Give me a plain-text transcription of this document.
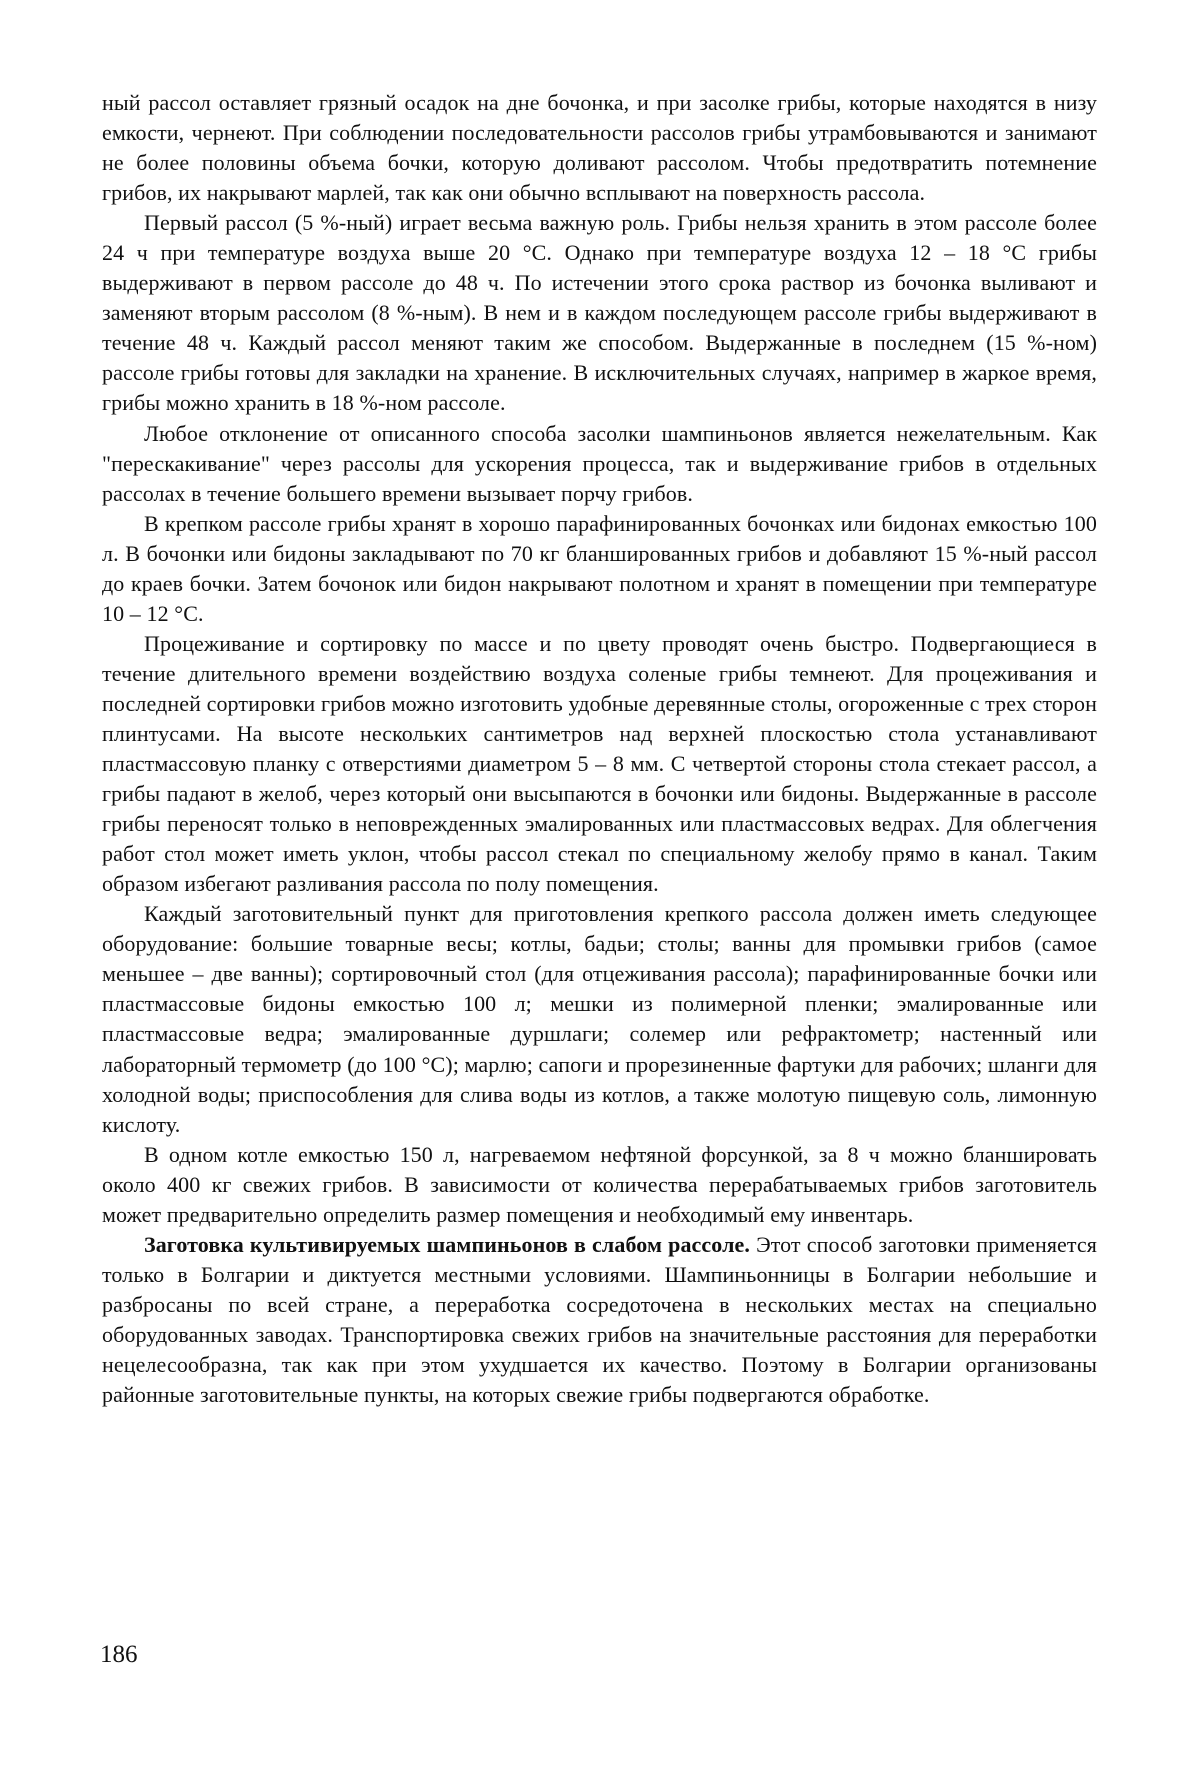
ный рассол оставляет грязный осадок на дне бочонка, и при засолке грибы, которые находятся в низу емкости, чернеют. При соблюдении последовательности рассолов грибы утрамбовываются и занимают не более половины объема бочки, которую доливают рассолом. Чтобы предотвратить потемнение грибов, их накрывают марлей, так как они обычно всплывают на поверхность рассола.

Первый рассол (5 %-ный) играет весьма важную роль. Грибы нельзя хранить в этом рассоле более 24 ч при температуре воздуха выше 20 °С. Однако при температуре воздуха 12 – 18 °С грибы выдерживают в первом рассоле до 48 ч. По истечении этого срока раствор из бочонка выливают и заменяют вторым рассолом (8 %-ным). В нем и в каждом последующем рассоле грибы выдерживают в течение 48 ч. Каждый рассол меняют таким же способом. Выдержанные в последнем (15 %-ном) рассоле грибы готовы для закладки на хранение. В исключительных случаях, например в жаркое время, грибы можно хранить в 18 %-ном рассоле.

Любое отклонение от описанного способа засолки шампиньонов является нежелательным. Как "перескакивание" через рассолы для ускорения процесса, так и выдерживание грибов в отдельных рассолах в течение большего времени вызывает порчу грибов.

В крепком рассоле грибы хранят в хорошо парафинированных бочонках или бидонах емкостью 100 л. В бочонки или бидоны закладывают по 70 кг бланшированных грибов и добавляют 15 %-ный рассол до краев бочки. Затем бочонок или бидон накрывают полотном и хранят в помещении при температуре 10 – 12 °С.

Процеживание и сортировку по массе и по цвету проводят очень быстро. Подвергающиеся в течение длительного времени воздействию воздуха соленые грибы темнеют. Для процеживания и последней сортировки грибов можно изготовить удобные деревянные столы, огороженные с трех сторон плинтусами. На высоте нескольких сантиметров над верхней плоскостью стола устанавливают пластмассовую планку с отверстиями диаметром 5 – 8 мм. С четвертой стороны стола стекает рассол, а грибы падают в желоб, через который они высыпаются в бочонки или бидоны. Выдержанные в рассоле грибы переносят только в неповрежденных эмалированных или пластмассовых ведрах. Для облегчения работ стол может иметь уклон, чтобы рассол стекал по специальному желобу прямо в канал. Таким образом избегают разливания рассола по полу помещения.

Каждый заготовительный пункт для приготовления крепкого рассола должен иметь следующее оборудование: большие товарные весы; котлы, бадьи; столы; ванны для промывки грибов (самое меньшее – две ванны); сортировочный стол (для отцеживания рассола); парафинированные бочки или пластмассовые бидоны емкостью 100 л; мешки из полимерной пленки; эмалированные или пластмассовые ведра; эмалированные дуршлаги; солемер или рефрактометр; настенный или лабораторный термометр (до 100 °С); марлю; сапоги и прорезиненные фартуки для рабочих; шланги для холодной воды; приспособления для слива воды из котлов, а также молотую пищевую соль, лимонную кислоту.

В одном котле емкостью 150 л, нагреваемом нефтяной форсункой, за 8 ч можно бланшировать около 400 кг свежих грибов. В зависимости от количества перерабатываемых грибов заготовитель может предварительно определить размер помещения и необходимый ему инвентарь.

Заготовка культивируемых шампиньонов в слабом рассоле. Этот способ заготовки применяется только в Болгарии и диктуется местными условиями. Шампиньонницы в Болгарии небольшие и разбросаны по всей стране, а переработка сосредоточена в нескольких местах на специально оборудованных заводах. Транспортировка свежих грибов на значительные расстояния для переработки нецелесообразна, так как при этом ухудшается их качество. Поэтому в Болгарии организованы районные заготовительные пункты, на которых свежие грибы подвергаются обработке.

186
